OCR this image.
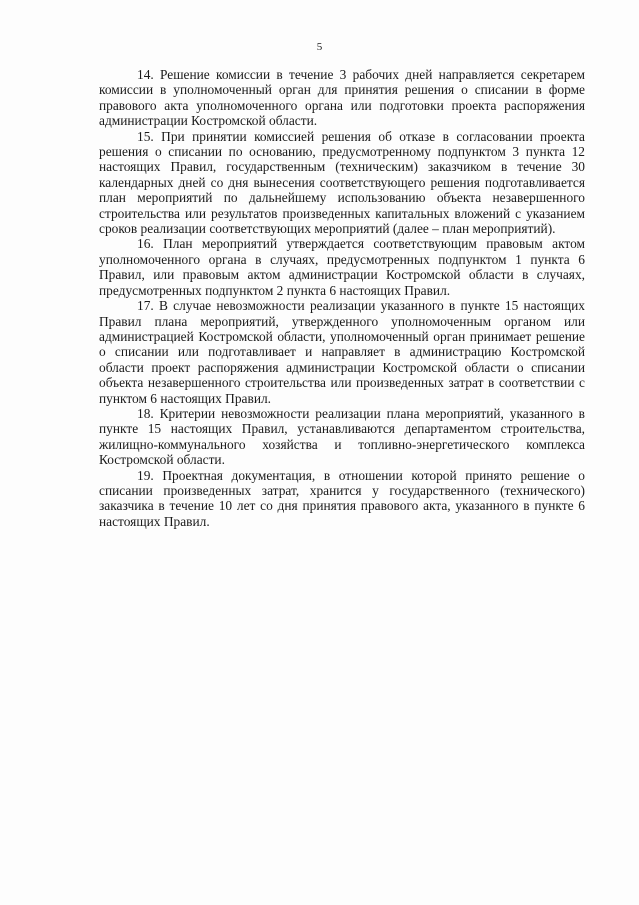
5

14. Решение комиссии в течение 3 рабочих дней направляется секретарем комиссии в уполномоченный орган для принятия решения о списании в форме правового акта уполномоченного органа или подготовки проекта распоряжения администрации Костромской области.

15. При принятии комиссией решения об отказе в согласовании проекта решения о списании по основанию, предусмотренному подпунктом 3 пункта 12 настоящих Правил, государственным (техническим) заказчиком в течение 30 календарных дней со дня вынесения соответствующего решения подготавливается план мероприятий по дальнейшему использованию объекта незавершенного строительства или результатов произведенных капитальных вложений с указанием сроков реализации соответствующих мероприятий (далее – план мероприятий).

16. План мероприятий утверждается соответствующим правовым актом уполномоченного органа в случаях, предусмотренных подпунктом 1 пункта 6 Правил, или правовым актом администрации Костромской области в случаях, предусмотренных подпунктом 2 пункта 6 настоящих Правил.

17. В случае невозможности реализации указанного в пункте 15 настоящих Правил плана мероприятий, утвержденного уполномоченным органом или администрацией Костромской области, уполномоченный орган принимает решение о списании или подготавливает и направляет в администрацию Костромской области проект распоряжения администрации Костромской области о списании объекта незавершенного строительства или произведенных затрат в соответствии с пунктом 6 настоящих Правил.

18. Критерии невозможности реализации плана мероприятий, указанного в пункте 15 настоящих Правил, устанавливаются департаментом строительства, жилищно-коммунального хозяйства и топливно-энергетического комплекса Костромской области.

19. Проектная документация, в отношении которой принято решение о списании произведенных затрат, хранится у государственного (технического) заказчика в течение 10 лет со дня принятия правового акта, указанного в пункте 6 настоящих Правил.
